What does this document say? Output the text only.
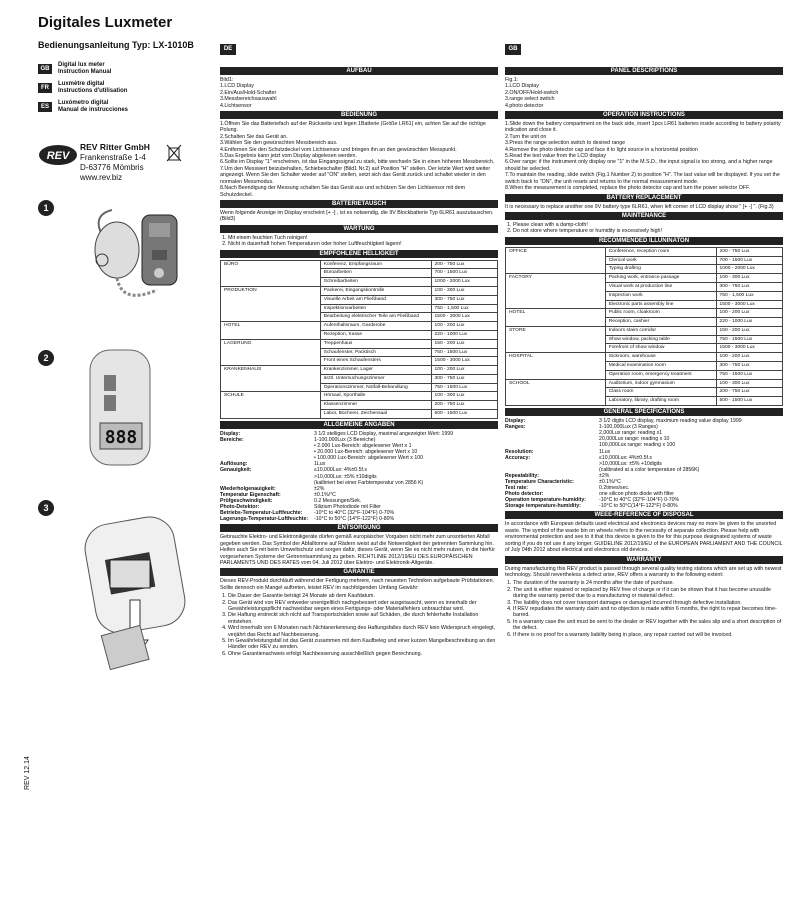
Digitales Luxmeter
Bedienungsanleitung Typ: LX-1010B
GB
Digital lux meter
Instruction Manual
FR
Luxmètre digital
Instructions d'utilisation
ES
Luxómetro digital
Manual de instrucciones
REV
REV Ritter GmbH
Frankenstraße 1-4
D-63776 Mömbris
www.rev.biz
1
2
888
3
REV 12.14
DE
AUFBAU
Bild1:
1.LCD Display
2.Ein/Aus/Hold-Schalter
3.Messbereichsauswahl
4.Lichtsensor
BEDIENUNG
1.Öffnen Sie das Batteriefach auf der Rückseite und legen 1Batterie (Größe LR61) ein, achten Sie auf die richtige Polung.
2.Schalten Sie das Gerät an.
3.Wählen Sie den gewünschten Messbereich aus.
4.Entfernen Sie den Schutzdeckel vom Lichtsensor und bringen ihn an den gewünschten Messpunkt.
5.Das Ergebnis kann jetzt vom Display abgelesen werden.
6.Sollte im Display "1" erscheinen, ist das Eingangssignal zu stark, bitte wechseln Sie in einen höheren Messbereich.
7.Um den Messwert beizubehalten, Schiebeschalter (Bild1 Nr.2) auf Position "H" stellen. Der letzte Wert wird weiter angezeigt. Wenn Sie den Schalter wieder auf "ON" stellen, setzt sich das Gerät zurück und schaltet wieder in den normalen Messmodus.
8.Nach Beendigung der Messung schalten Sie das Gerät aus und schützen Sie den Lichtsensor mit dem Schutzdeckel.
BATTERIETAUSCH
Wenn folgende Anzeige im Display erscheint [+ -] , ist es notwendig, die 9V Blockbatterie Typ 6LR61 auszutauschen. (Bild3)
WARTUNG
1. Mit einem feuchten Tuch reinigen!
2. Nicht in dauerhaft hohen Temperaturen oder hoher Luftfeuchtigkeit lagern!
EMPFOHLENE HELLIGKEIT
BÜRO	Konferenz, Empfangsraum	200 - 750 Lux
	Büroarbeiten	700 - 1500 Lux
	Schreibarbeiten	1000 - 2000 Lux
PRODUKTION	Packerei, Eingangskontrolle	100 - 300 Lux
	Visuelle Arbeit am Fließband	300 - 750 Lux
	Inspektionsarbeiten	750 - 1,500 Lux
	Bearbeitung elektrischer Teile am Fließband	1500 - 3000 Lux
HOTEL	Aufenthaltsraum, Garderobe	100 - 200 Lux
	Rezeption, Kasse	220 - 1000 Lux
LAGERUNG	Treppenhaus	150 - 200 Lux
	Schaufenster, Packtisch	750 - 1500 Lux
	Front eines Schaufensters	1500 - 3000 Lux
KRANKENHAUS	Krankenzimmer, Lager	100 - 200 Lux
	ärztl. Untersuchungszimmer	300 - 750 Lux
	Operationszimmer, Notfall-Behandlung	750 - 1500 Lux
SCHULE	Hörsaal, Sporthalle	100 - 300 Lux
	Klassenzimmer	200 - 750 Lux
	Labor, Bücherei, Zeichensaal	500 - 1500 Lux
ALLGEMEINE ANGABEN
Display:	3 1/2 stelliges LCD Display, maximal angezeigter Wert: 1999
Bereiche:	1-100.000Lux (3 Bereiche)
• 2.000 Lux-Bereich: abgelesener Wert x 1
• 20.000 Lux-Bereich: abgelesener Wert x 10
• 100.000 Lux-Bereich: abgelesener Wert x 100
Auflösung:	1Lux
Genauigkeit:	≤10,000Lux: 4%±0.5f.s
>10,000Lux: ±5% ±10digits
(kalibriert bei einer Farbtemperatur von 2856 K)
Wiederholgenauigkeit:	±2%
Temperatur Eigenschaft:	±0.1%/°C
Prüfgeschwindigkeit:	0.2 Messungen/Sek.
Photo-Detektor:	Silizium Photodiode mit Filter
Betriebs-Temperatur-Luftfeuchte:	-10°C to 40°C (32°F-104°F) 0-70%
Lagerungs-Temperatur-Luftfeuchte:	-10°C to 50°C (14°F-122°F) 0-80%
ENTSORGUNG
Gebrauchte Elektro- und Elektronikgeräte dürfen gemäß europäischer Vorgaben nicht mehr zum unsortierten Abfall gegeben werden. Das Symbol der Abfalltonne auf Rädern weist auf die Notwendigkeit der getrennten Sammlung hin. Helfen auch Sie mit beim Umweltschutz und sorgen dafür, dieses Gerät, wenn Sie es nicht mehr nutzen, in die hierfür vorgesehenen Systeme der Getrenntsammlung zu geben. RICHTLINIE 2012/19/EU DES EUROPÄISCHEN PARLAMENTS UND DES RATES vom 04. Juli 2012 über Elektro- und Elektronik-Altgeräte.
GARANTIE
Dieses REV-Produkt durchläuft während der Fertigung mehrere, nach neuesten Techniken aufgebaute Prüfstationen. Sollte dennoch ein Mangel auftreten, leistet REV im nachfolgenden Umfang Gewähr:
1. Die Dauer der Garantie beträgt 24 Monate ab dem Kaufdatum.
2. Das Gerät wird von REV entweder unentgeltlich nachgebessert oder ausgetauscht, wenn es innerhalb der Gewährleistungspflicht nachweisbar wegen eines Fertigungs- oder Materialfehlers unbrauchbar wird.
3. Die Haftung erstreckt sich nicht auf Transportschäden sowie auf Schäden, die durch fehlerhafte Installation entstehen.
4. Wird innerhalb von 6 Monaten nach Nichtanerkennung des Haftungsfalles durch REV kein Widerspruch eingelegt, verjährt das Recht auf Nachbesserung.
5. Im Gewährleistungsfall ist das Gerät zusammen mit dem Kaufbeleg und einer kurzen Mangelbeschreibung an den Händler oder REV zu senden.
6. Ohne Garantienachweis erfolgt Nachbesserung ausschließlich gegen Berechnung.
GB
PANEL DESCRIPTIONS
Fig.1:
1.LCD Display
2.ON/OFF/Hold-switch
3.range select switch
4.photo detector
OPERATION INSTRUCTIONS
1.Slide down the battery compartment on the back side, insert 1pcs LR61 batteries inside according to battery polarity indication and close it.
2.Turn the unit on
3.Press the range selection switch to desired range
4.Remove the photo detector cap and face it to light source in a horizontal position
5.Read the test value from the LCD display
6.Over range: if the instrument only display one "1" in the M.S.D., the input signal is too strong, and a higher range should be selected.
7.To maintain the reading, slide switch (Fig.1 Number 2) to position "H". The last value will be displayed. If you set the switch back to "ON", the unit resets and returns to the normal measurement mode.
8.When the measurement is completed, replace the photo detector cap and turn the power selector OFF.
BATTERY REPLACEMENT
It is necessary to replace another one 9V battery type 6LR61, when left corner of LCD display show " [+ -] ". (Fig.3)
MAINTENANCE
1. Please clean with a damp-cloth!
2. Do not store where temperature or humidity is excessively high!
RECOMMENDED ILLUNINATON
OFFICE	Conference, reception room	200 - 750 Lux
	Clerical work	700 - 1500 Lux
	Typing drafting	1000 - 2000 Lux
FACTORY	Packing work, entrance passage	100 - 300 Lux
	Visual work at production line	300 - 750 Lux
	Inspection work	750 - 1,500 Lux
	Electronic parts assembly line	1500 - 3000 Lux
HOTEL	Public room, cloakroom	100 - 200 Lux
	Reception, cashier	220 - 1000 Lux
STORE	Indoors stairs corridor	150 - 200 Lux
	Show window, packing table	750 - 1500 Lux
	Forefront of show window	1500 - 3000 Lux
HOSPITAL	Sickroom, warehouse	100 - 200 Lux
	Medical examination room	300 - 750 Lux
	Operation room, emergency treatment	750 - 1500 Lux
SCHOOL	Auditorium, indoor gymnasium	100 - 300 Lux
	Class room	200 - 750 Lux
	Laboratory, library, drafting room	500 - 1500 Lux
GENERAL SPECIFICATIONS
Display:	3 1/2 digits LCD display, maximum reading value display 1999
Ranges:	1-100,000Lux (3 Ranges)
2,000Lux range: reading x1
20,000Lux range: reading x 10
100,000Lux range: reading x 100
Resolution:	1Lux
Accuracy:	≤10,000Lux: 4%±0.5f.s
>10,000Lux: ±5% +10digits
(calibrated at a color temperature of 2856K)
Repeatability:	±2%
Temperature Characteristic:	±0.1%/°C
Test rate:	0.2times/sec.
Photo detector:	one silicon photo diode with filter
Operation temperature-humidity:	-10°C to 40°C (32°F-104°F) 0-70%
Storage temperature-humidity:	-10°C to 50°C(14°F-122°F) 0-80%
WEEE-REFERENCE OF DISPOSAL
In accordance with European defaults used electrical and electronics devices may no more be given to the unsorted waste. The symbol of the waste bin on wheels refers to the necessity of separate collection. Please help with environmental protection and see to it that this device is given to the for this purpose designated systems of waste sorting if you do not use it any longer. GUIDELINE 2012/19/EU of the EUROPEAN PARLIAMENT AND THE COUNCIL of July 04th 2012 about electrical and electronics old devices.
WARRANTY
During manufacturing this REV product is passed through several quality testing stations which are set up with newest technology. Should nevertheless a defect arise, REV offers a warranty to the following extent:
1. The duration of the warranty is 24 months after the date of purchase.
2. The unit is either repaired or replaced by REV free of charge or if it can be shown that it has become unusable during the warranty period due to a manufacturing or material defect.
3. The liability does not cover transport damages or damaged incurred through defective installation.
4. If REV repudiates the warranty claim and no objection is made within 6 months, the right to repair becomes time-barred.
5. In a warranty case the unit must be sent to the dealer or REV together with the sales slip and a short description of the defect.
6. If there is no proof for a warranty liability being in place, any repair carried out will be invoiced.
